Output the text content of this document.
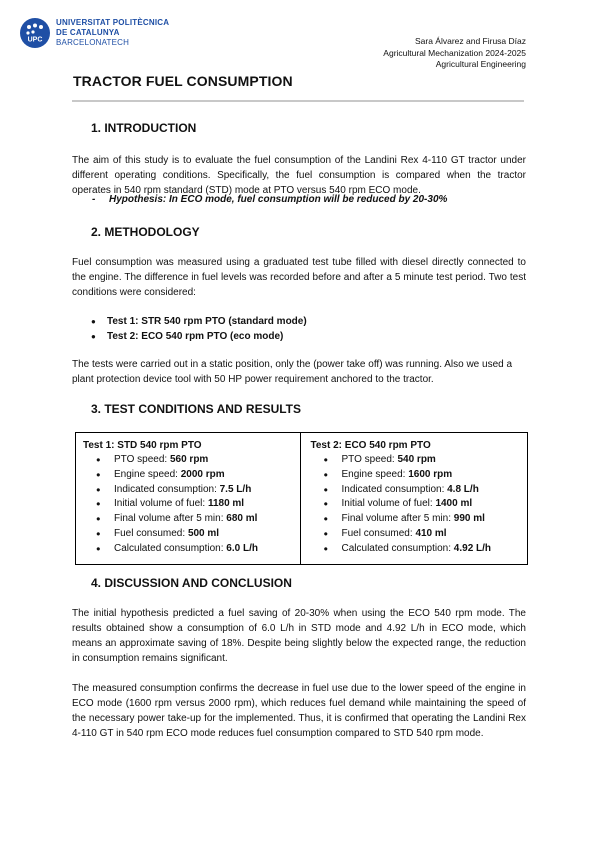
UPC
UNIVERSITAT POLITÈCNICA
DE CATALUNYA
BARCELONATECH	Sara Álvarez and Firusa Díaz
Agricultural Mechanization 2024-2025
Agricultural Engineering
TRACTOR FUEL CONSUMPTION
1. INTRODUCTION

The aim of this study is to evaluate the fuel consumption of the Landini Rex 4-110 GT tractor under different operating conditions. Specifically, the fuel consumption is compared when the tractor operates in 540 rpm standard (STD) mode at PTO versus 540 rpm ECO mode.

- Hypothesis: In ECO mode, fuel consumption will be reduced by 20-30%
2. METHODOLOGY

Fuel consumption was measured using a graduated test tube filled with diesel directly connected to the engine. The difference in fuel levels was recorded before and after a 5 minute test period. Two test conditions were considered:

● Test 1: STR 540 rpm PTO (standard mode)
● Test 2: ECO 540 rpm PTO (eco mode)

The tests were carried out in a static position, only the (power take off) was running. Also we used a plant protection device tool with 50 HP power requirement anchored to the tractor.

3. TEST CONDITIONS AND RESULTS
Test 1: STD 540 rpm PTO
● PTO speed: 560 rpm
● Engine speed: 2000 rpm
● Indicated consumption: 7.5 L/h
● Initial volume of fuel: 1180 ml
● Final volume after 5 min: 680 ml
● Fuel consumed: 500 ml
● Calculated consumption: 6.0 L/h
Test 2: ECO 540 rpm PTO
● PTO speed: 540 rpm
● Engine speed: 1600 rpm
● Indicated consumption: 4.8 L/h
● Initial volume of fuel: 1400 ml
● Final volume after 5 min: 990 ml
● Fuel consumed: 410 ml
● Calculated consumption: 4.92 L/h
4. DISCUSSION AND CONCLUSION

The initial hypothesis predicted a fuel saving of 20-30% when using the ECO 540 rpm mode. The results obtained show a consumption of 6.0 L/h in STD mode and 4.92 L/h in ECO mode, which means an approximate saving of 18%. Despite being slightly below the expected range, the reduction in consumption remains significant.

The measured consumption confirms the decrease in fuel use due to the lower speed of the engine in ECO mode (1600 rpm versus 2000 rpm), which reduces fuel demand while maintaining the speed of the necessary power take-up for the implemented. Thus, it is confirmed that operating the Landini Rex 4-110 GT in 540 rpm ECO mode reduces fuel consumption compared to STD 540 rpm mode.
